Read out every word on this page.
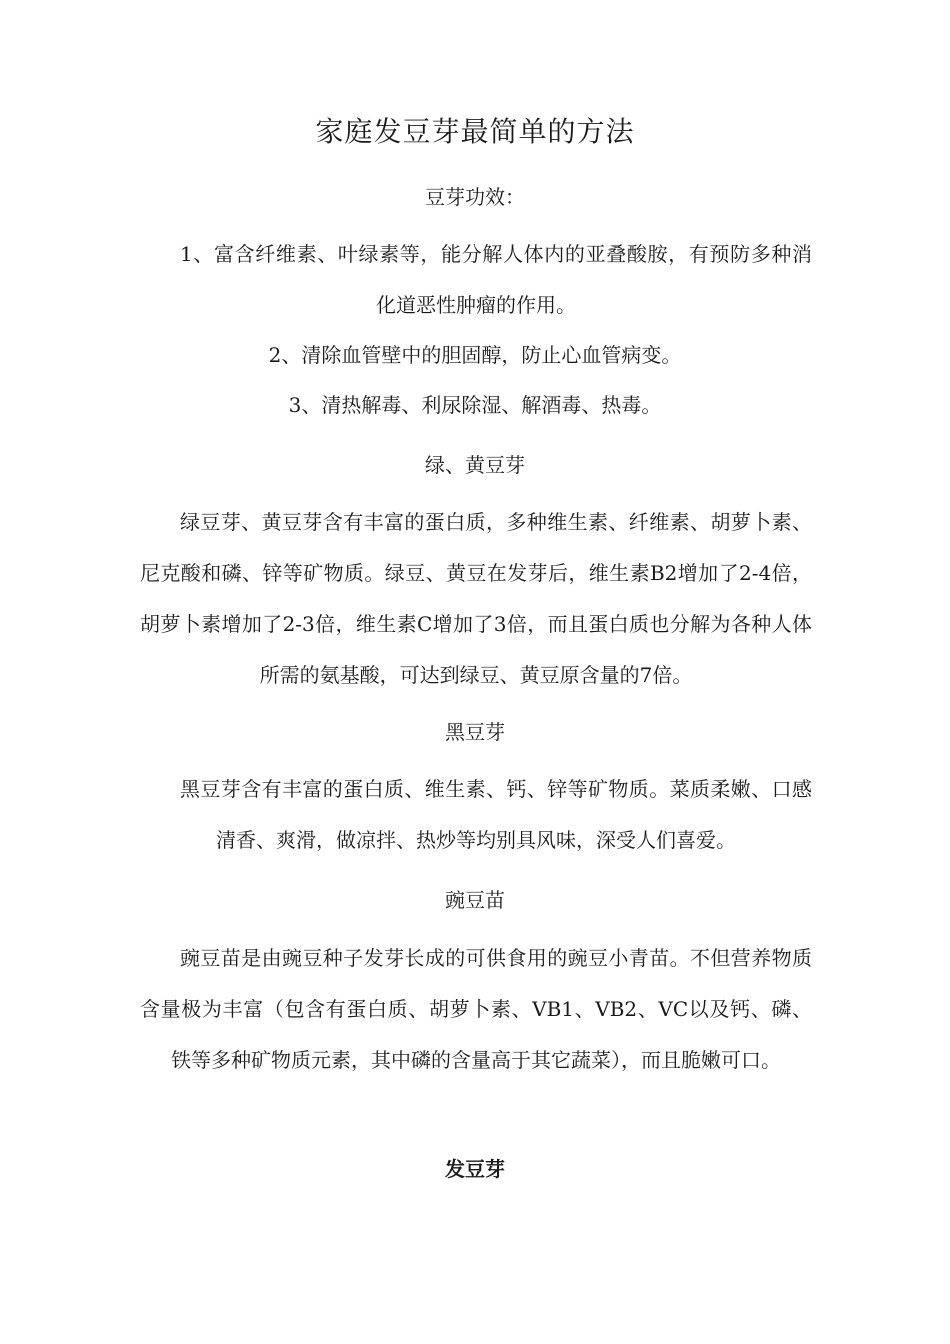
家庭发豆芽最简单的方法
豆芽功效：
1、富含纤维素、叶绿素等，能分解人体内的亚叠酸胺，有预防多种消化道恶性肿瘤的作用。
2、清除血管壁中的胆固醇，防止心血管病变。
3、清热解毒、利尿除湿、解酒毒、热毒。
绿、黄豆芽
绿豆芽、黄豆芽含有丰富的蛋白质，多种维生素、纤维素、胡萝卜素、尼克酸和磷、锌等矿物质。绿豆、黄豆在发芽后，维生素B2增加了2-4倍，胡萝卜素增加了2-3倍，维生素C增加了3倍，而且蛋白质也分解为各种人体所需的氨基酸，可达到绿豆、黄豆原含量的7倍。
黑豆芽
黑豆芽含有丰富的蛋白质、维生素、钙、锌等矿物质。菜质柔嫩、口感清香、爽滑，做凉拌、热炒等均别具风味，深受人们喜爱。
豌豆苗
豌豆苗是由豌豆种子发芽长成的可供食用的豌豆小青苗。不但营养物质含量极为丰富（包含有蛋白质、胡萝卜素、VB1、VB2、VC以及钙、磷、铁等多种矿物质元素，其中磷的含量高于其它蔬菜），而且脆嫩可口。
发豆芽
